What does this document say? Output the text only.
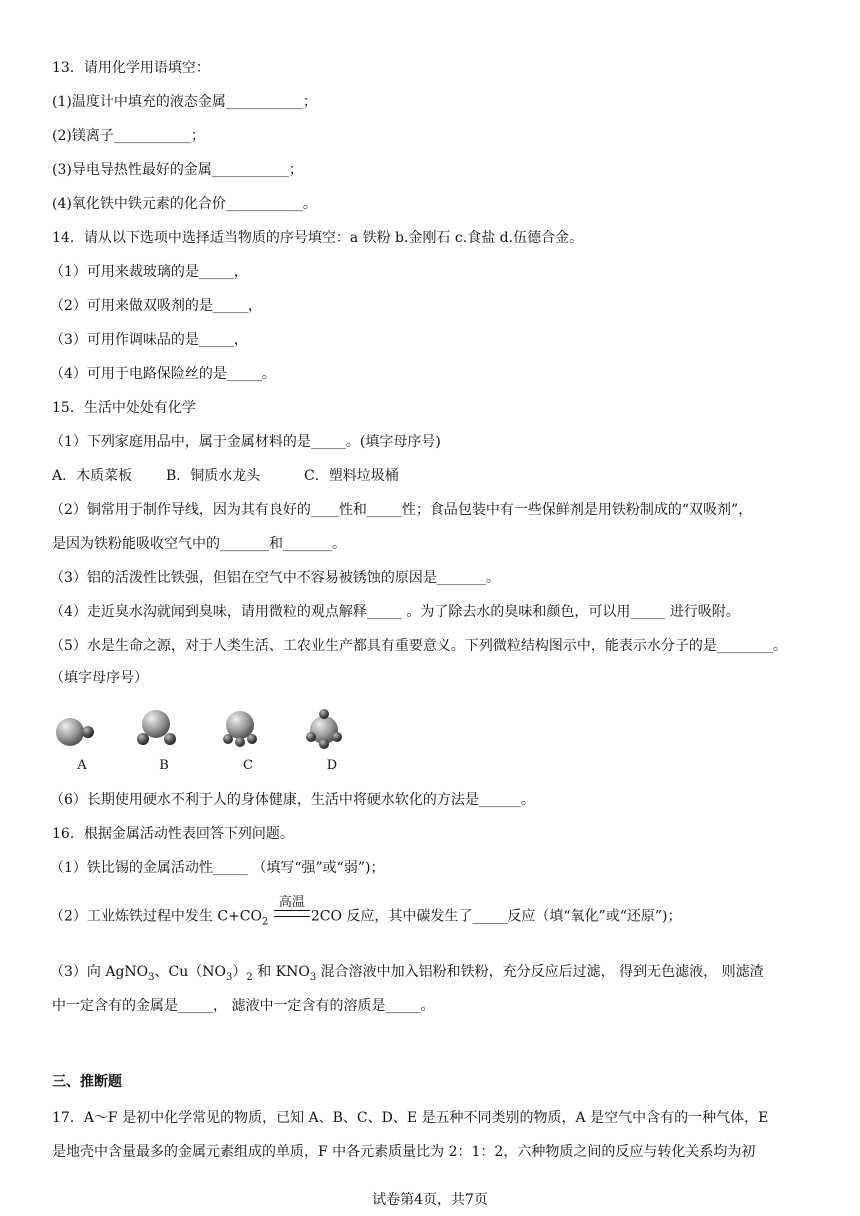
13．请用化学用语填空：
(1)温度计中填充的液态金属___________；
(2)镁离子___________；
(3)导电导热性最好的金属___________；
(4)氧化铁中铁元素的化合价___________。
14．请从以下选项中选择适当物质的序号填空：a 铁粉 b.金刚石 c.食盐 d.伍德合金。
（1）可用来裁玻璃的是_____，
（2）可用来做双吸剂的是_____，
（3）可用作调味品的是_____，
（4）可用于电路保险丝的是_____。
15．生活中处处有化学
（1）下列家庭用品中，属于金属材料的是_____。(填字母序号)
A．木质菜板 B．铜质水龙头	C．塑料垃圾桶
（2）铜常用于制作导线，因为其有良好的____性和_____性；食品包装中有一些保鲜剂是用铁粉制成的“双吸剂”，
是因为铁粉能吸收空气中的_______和_______。
（3）铝的活泼性比铁强，但铝在空气中不容易被锈蚀的原因是_______。
（4）走近臭水沟就闻到臭味，请用微粒的观点解释_____ 。为了除去水的臭味和颜色，可以用_____ 进行吸附。
（5）水是生命之源，对于人类生活、工农业生产都具有重要意义。下列微粒结构图示中，能表示水分子的是________。
（填字母序号）
A	B	C	D
（6）长期使用硬水不利于人的身体健康，生活中将硬水软化的方法是______。
16．根据金属活动性表回答下列问题。
（1）铁比锡的金属活动性_____ （填写“强”或“弱”)；
（2）工业炼铁过程中发生 $C+CO_2$
高温
2CO 反应，其中碳发生了_____反应（填“氧化”或“还原”)；
（3）向 AgNO$_3$、$Cu(NO_3)_2$ 和 $KNO_3$ 混合溶液中加入铝粉和铁粉，充分反应后过滤， 得到无色滤液， 则滤渣
中一定含有的金属是_____， 滤液中一定含有的溶质是_____。
三、推断题
17．A～F 是初中化学常见的物质，已知 A、B、C、D、E 是五种不同类别的物质，A 是空气中含有的一种气体，E
是地壳中含量最多的金属元素组成的单质，F 中各元素质量比为 2：1：2，六种物质之间的反应与转化关系均为初
试卷第4页，共7页
